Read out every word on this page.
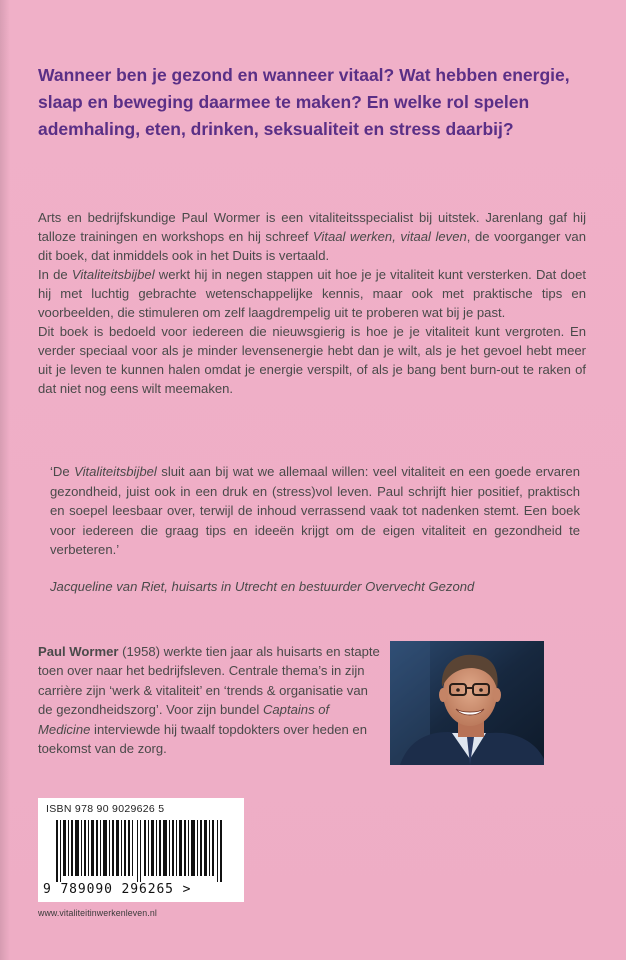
Wanneer ben je gezond en wanneer vitaal? Wat hebben energie, slaap en beweging daarmee te maken? En welke rol spelen ademhaling, eten, drinken, seksualiteit en stress daarbij?

Arts en bedrijfskundige Paul Wormer is een vitaliteitsspecialist bij uitstek. Jarenlang gaf hij talloze trainingen en workshops en hij schreef Vitaal werken, vitaal leven, de voorganger van dit boek, dat inmiddels ook in het Duits is vertaald.

In de Vitaliteitsbijbel werkt hij in negen stappen uit hoe je je vitaliteit kunt versterken. Dat doet hij met luchtig gebrachte wetenschappelijke kennis, maar ook met praktische tips en voorbeelden, die stimuleren om zelf laagdrempelig uit te proberen wat bij je past.

Dit boek is bedoeld voor iedereen die nieuwsgierig is hoe je je vitaliteit kunt vergroten. En verder speciaal voor als je minder levensenergie hebt dan je wilt, als je het gevoel hebt meer uit je leven te kunnen halen omdat je energie verspilt, of als je bang bent burn-out te raken of dat niet nog eens wilt meemaken.

‘De Vitaliteitsbijbel sluit aan bij wat we allemaal willen: veel vitaliteit en een goede ervaren gezondheid, juist ook in een druk en (stress)vol leven. Paul schrijft hier positief, praktisch en soepel leesbaar over, terwijl de inhoud verrassend vaak tot nadenken stemt. Een boek voor iedereen die graag tips en ideeën krijgt om de eigen vitaliteit en gezondheid te verbeteren.’

Jacqueline van Riet, huisarts in Utrecht en bestuurder Overvecht Gezond

Paul Wormer (1958) werkte tien jaar als huisarts en stapte toen over naar het bedrijfsleven. Centrale thema’s in zijn carrière zijn ‘werk & vitaliteit’ en ‘trends & organisatie van de gezondheidszorg’. Voor zijn bundel Captains of Medicine interviewde hij twaalf topdokters over heden en toekomst van de zorg.

ISBN 978 90 9029626 5
9 789090 296265 >
www.vitaliteitinwerkenleven.nl
